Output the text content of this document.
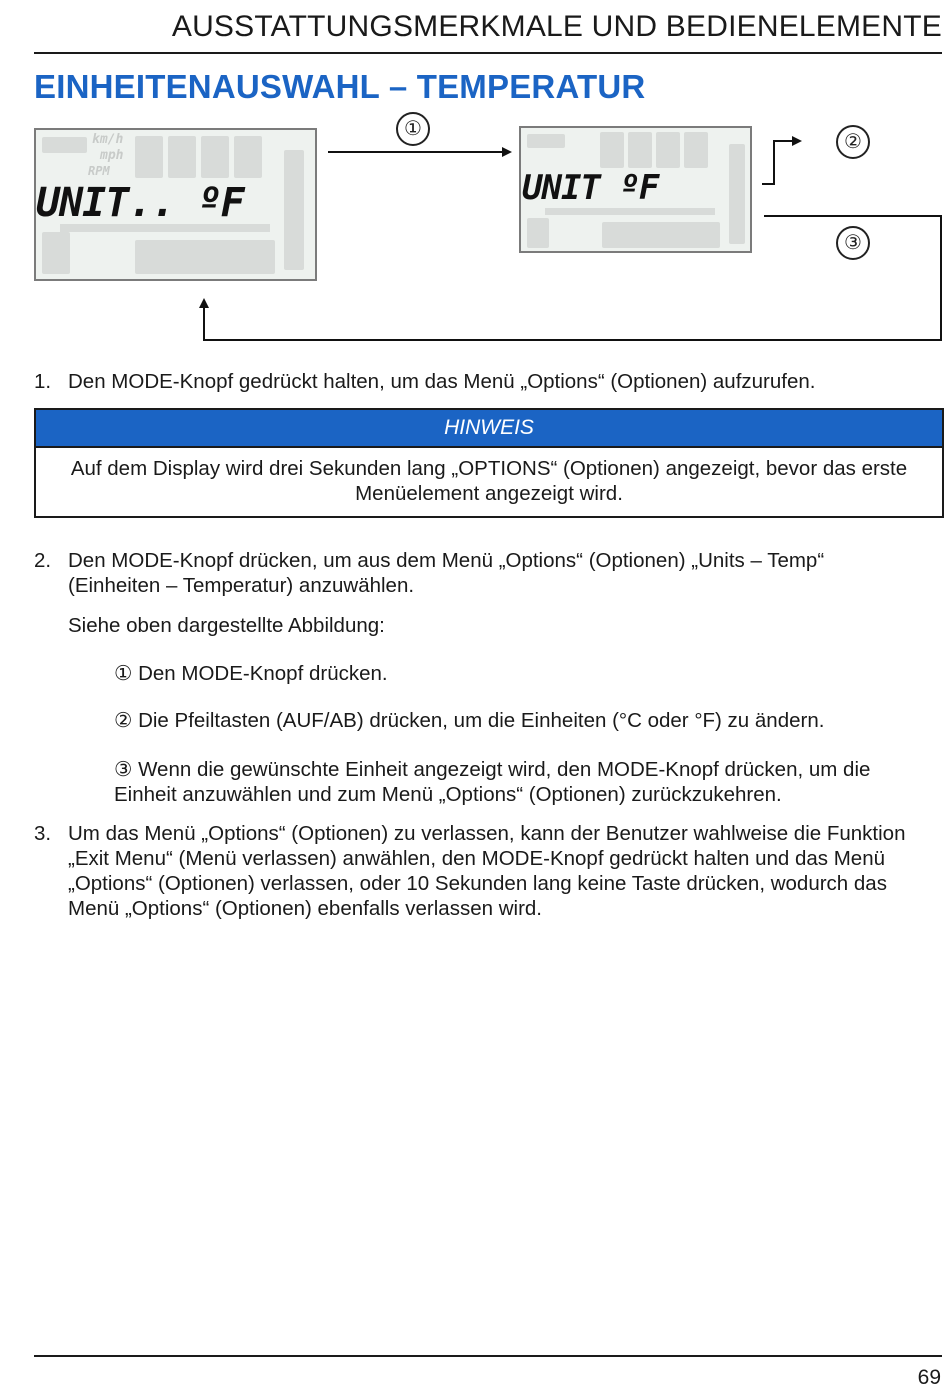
AUSSTATTUNGSMERKMALE UND BEDIENELEMENTE
EINHEITENAUSWAHL – TEMPERATUR
UNIT.. ºF	UNIT ºF
km/h
mph
RPM
①
②
③
1. Den MODE-Knopf gedrückt halten, um das Menü „Options“ (Optionen) aufzurufen.
HINWEIS
Auf dem Display wird drei Sekunden lang „OPTIONS“ (Optionen) angezeigt, bevor das erste Menüelement angezeigt wird.
2. Den MODE-Knopf drücken, um aus dem Menü „Options“ (Optionen) „Units – Temp“ (Einheiten – Temperatur) anzuwählen.
Siehe oben dargestellte Abbildung:
① Den MODE-Knopf drücken.
② Die Pfeiltasten (AUF/AB) drücken, um die Einheiten (°C oder °F) zu ändern.
③ Wenn die gewünschte Einheit angezeigt wird, den MODE-Knopf drücken, um die Einheit anzuwählen und zum Menü „Options“ (Optionen) zurückzukehren.
3. Um das Menü „Options“ (Optionen) zu verlassen, kann der Benutzer wahlweise die Funktion „Exit Menu“ (Menü verlassen) anwählen, den MODE-Knopf gedrückt halten und das Menü „Options“ (Optionen) verlassen, oder 10 Sekunden lang keine Taste drücken, wodurch das Menü „Options“ (Optionen) ebenfalls verlassen wird.
69
